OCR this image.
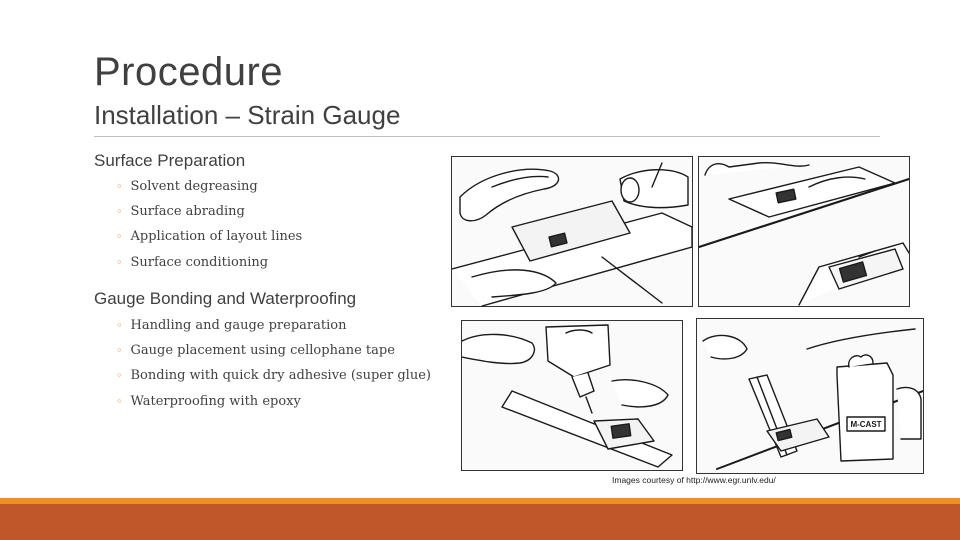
Procedure
Installation – Strain Gauge
Surface Preparation
◦ Solvent degreasing
◦ Surface abrading
◦ Application of layout lines
◦ Surface conditioning
Gauge Bonding and Waterproofing
◦ Handling and gauge preparation
◦ Gauge placement using cellophane tape
◦ Bonding with quick dry adhesive (super glue)
◦ Waterproofing with epoxy
M-CAST
Images courtesy of http://www.egr.unlv.edu/
